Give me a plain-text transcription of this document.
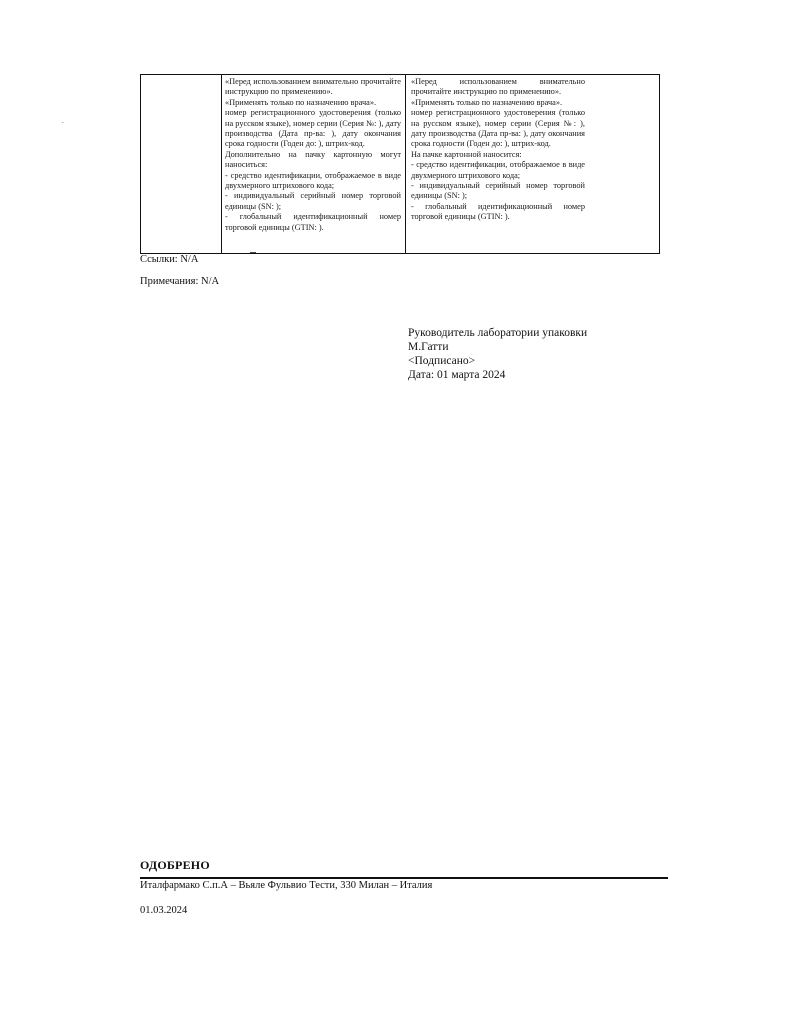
.

«Перед использованием внимательно прочитайте инструкцию по применению».

«Применять только по назначению врача».

номер регистрационного удостоверения (только на русском языке), номер серии (Серия №: ), дату производства (Дата пр-ва: ), дату окончания срока годности (Годен до: ), штрих-код.

Дополнительно на пачку картонную могут наноситься:

- средство идентификации, отображаемое в виде двухмерного штрихового кода;

- индивидуальный серийный номер торговой единицы (SN: );

- глобальный идентификационный номер торговой единицы (GTIN: ).

«Перед использованием внимательно прочитайте инструкцию по применению».

«Применять только по назначению врача».

номер регистрационного удостоверения (только на русском языке), номер серии (Серия №: ), дату производства (Дата пр-ва: ), дату окончания срока годности (Годен до: ), штрих-код.

На пачке картонной наносится:

- средство идентификации, отображаемое в виде двухмерного штрихового кода;

- индивидуальный серийный номер торговой единицы (SN: );

- глобальный идентификационный номер торговой единицы (GTIN: ).

Ссылки: N/A
Примечания: N/A
Руководитель лаборатории упаковки
М.Гатти
<Подписано>
Дата: 01 марта 2024
ОДОБРЕНО
Италфармако С.п.А – Вьяле Фульвио Тести, 330 Милан – Италия
01.03.2024
